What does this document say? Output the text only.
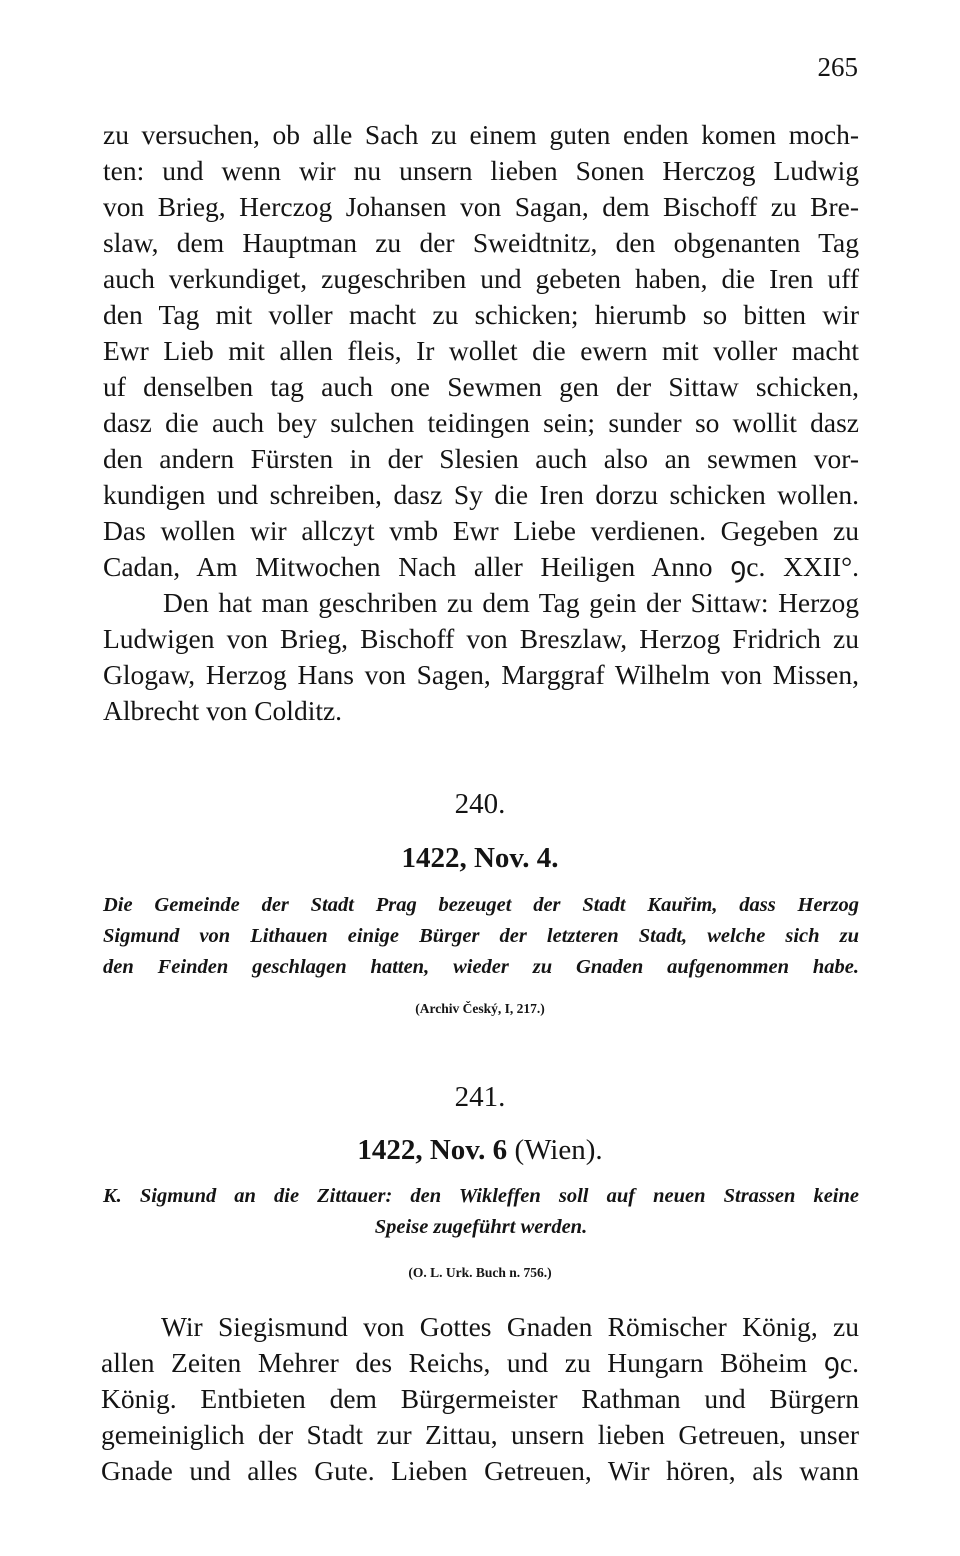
265
zu versuchen, ob alle Sach zu einem guten enden komen moch-
ten: und wenn wir nu unsern lieben Sonen Herczog Ludwig
von Brieg, Herczog Johansen von Sagan, dem Bischoff zu Bre-
slaw, dem Hauptman zu der Sweidtnitz, den obgenanten Tag
auch verkundiget, zugeschriben und gebeten haben, die Iren uff
den Tag mit voller macht zu schicken; hierumb so bitten wir
Ewr Lieb mit allen fleis, Ir wollet die ewern mit voller macht
uf denselben tag auch one Sewmen gen der Sittaw schicken,
dasz die auch bey sulchen teidingen sein; sunder so wollit dasz
den andern Fürsten in der Slesien auch also an sewmen vor-
kundigen und schreiben, dasz Sy die Iren dorzu schicken wollen.
Das wollen wir allczyt vmb Ewr Liebe verdienen. Gegeben zu
Cadan, Am Mitwochen Nach aller Heiligen Anno ꝯc. XXII°.
Den hat man geschriben zu dem Tag gein der Sittaw: Herzog
Ludwigen von Brieg, Bischoff von Breszlaw, Herzog Fridrich zu
Glogaw, Herzog Hans von Sagen, Marggraf Wilhelm von Missen,
Albrecht von Colditz.
240.
1422, Nov. 4.
Die Gemeinde der Stadt Prag bezeuget der Stadt Kauřim, dass Herzog
Sigmund von Lithauen einige Bürger der letzteren Stadt, welche sich zu
den Feinden geschlagen hatten, wieder zu Gnaden aufgenommen habe.
(Archiv Český, I, 217.)
241.
1422, Nov. 6 (Wien).
K. Sigmund an die Zittauer: den Wikleffen soll auf neuen Strassen keine
Speise zugeführt werden.
(O. L. Urk. Buch n. 756.)
Wir Siegismund von Gottes Gnaden Römischer König, zu
allen Zeiten Mehrer des Reichs, und zu Hungarn Böheim ꝯc.
König. Entbieten dem Bürgermeister Rathman und Bürgern
gemeiniglich der Stadt zur Zittau, unsern lieben Getreuen, unser
Gnade und alles Gute. Lieben Getreuen, Wir hören, als wann
